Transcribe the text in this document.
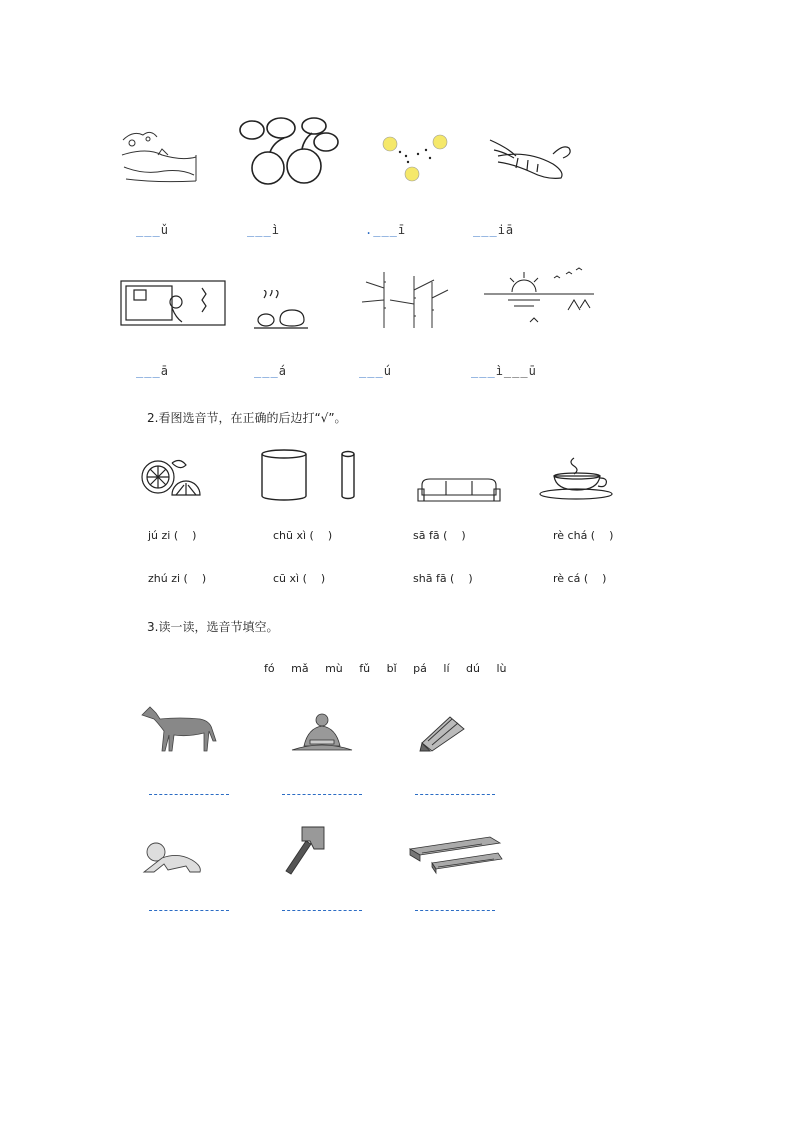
___ǔ	___ì	.___ī	___iā
___ā	___á	___ú	___ì___ū
2.看图选音节，在正确的后边打“√”。
jú zi (    )	chū xì (    )	sā fā (    )	rè chá (    )
zhú zi (    )	cū xì (    )	shā fā (    )	rè cá (    )
3.读一读，选音节填空。
fó mǎ mù fǔ bǐ pá lí dú lù
